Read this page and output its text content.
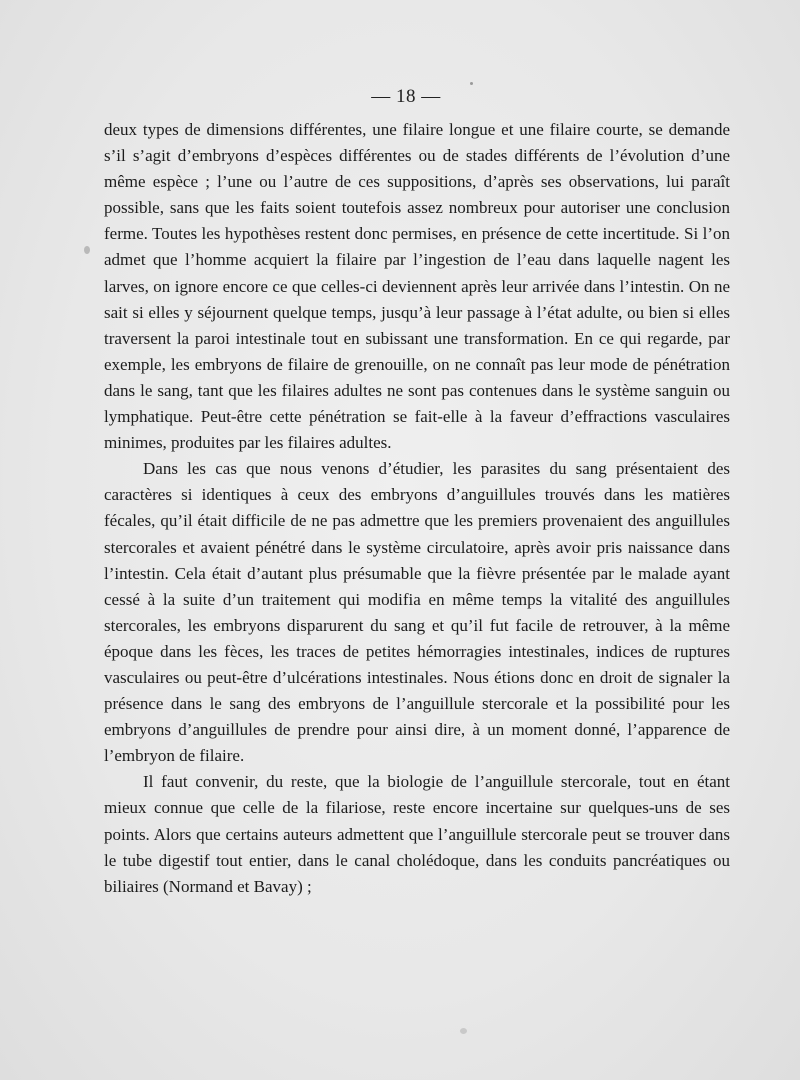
— 18 —

deux types de dimensions différentes, une filaire longue et une filaire courte, se demande s’il s’agit d’embryons d’espèces différentes ou de stades différents de l’évolution d’une même espèce ; l’une ou l’autre de ces suppositions, d’après ses observations, lui paraît possible, sans que les faits soient toutefois assez nombreux pour autoriser une conclusion ferme. Toutes les hypothèses restent donc permises, en présence de cette incertitude. Si l’on admet que l’homme acquiert la filaire par l’ingestion de l’eau dans laquelle nagent les larves, on ignore encore ce que celles-ci deviennent après leur arrivée dans l’intestin. On ne sait si elles y séjournent quelque temps, jusqu’à leur passage à l’état adulte, ou bien si elles traversent la paroi intestinale tout en subissant une transformation. En ce qui regarde, par exemple, les embryons de filaire de grenouille, on ne connaît pas leur mode de pénétration dans le sang, tant que les filaires adultes ne sont pas contenues dans le système sanguin ou lymphatique. Peut-être cette pénétration se fait-elle à la faveur d’effractions vasculaires minimes, produites par les filaires adultes.

Dans les cas que nous venons d’étudier, les parasites du sang présentaient des caractères si identiques à ceux des embryons d’anguillules trouvés dans les matières fécales, qu’il était difficile de ne pas admettre que les premiers provenaient des anguillules stercorales et avaient pénétré dans le système circulatoire, après avoir pris naissance dans l’intestin. Cela était d’autant plus présumable que la fièvre présentée par le malade ayant cessé à la suite d’un traitement qui modifia en même temps la vitalité des anguillules stercorales, les embryons disparurent du sang et qu’il fut facile de retrouver, à la même époque dans les fèces, les traces de petites hémorragies intestinales, indices de ruptures vasculaires ou peut-être d’ulcérations intestinales. Nous étions donc en droit de signaler la présence dans le sang des embryons de l’anguillule stercorale et la possibilité pour les embryons d’anguillules de prendre pour ainsi dire, à un moment donné, l’apparence de l’embryon de filaire.

Il faut convenir, du reste, que la biologie de l’anguillule stercorale, tout en étant mieux connue que celle de la filariose, reste encore incertaine sur quelques-uns de ses points. Alors que certains auteurs admettent que l’anguillule stercorale peut se trouver dans le tube digestif tout entier, dans le canal cholédoque, dans les conduits pancréatiques ou biliaires (Normand et Bavay) ;
